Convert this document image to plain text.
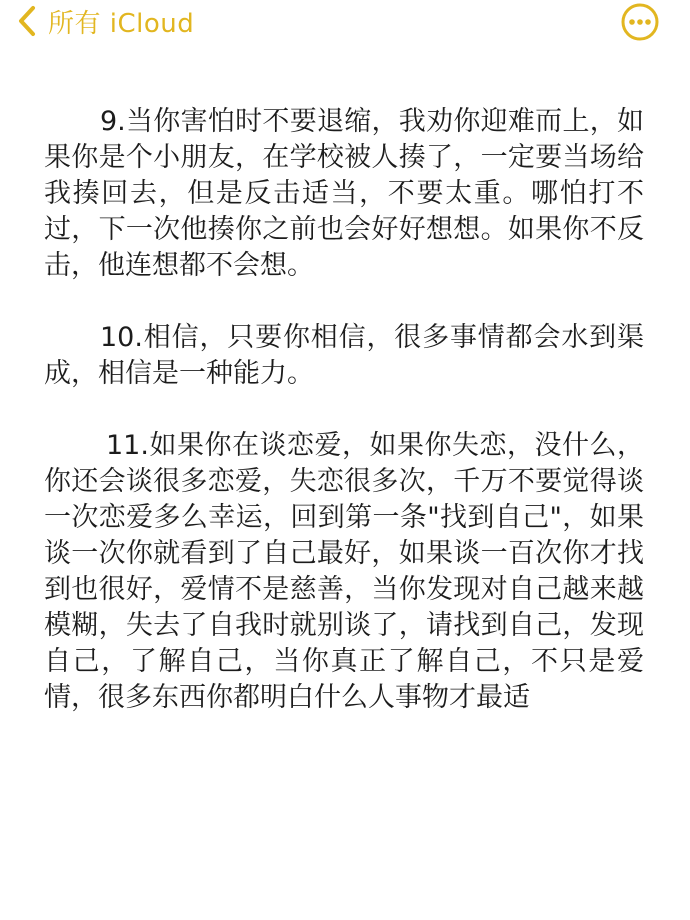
所有 iCloud

9.当你害怕时不要退缩，我劝你迎难而上，如果你是个小朋友，在学校被人揍了，一定要当场给我揍回去，但是反击适当，不要太重。哪怕打不过，下一次他揍你之前也会好好想想。如果你不反击，他连想都不会想。

10.相信，只要你相信，很多事情都会水到渠成，相信是一种能力。

11.如果你在谈恋爱，如果你失恋，没什么，你还会谈很多恋爱，失恋很多次，千万不要觉得谈一次恋爱多么幸运，回到第一条"找到自己"，如果谈一次你就看到了自己最好，如果谈一百次你才找到也很好，爱情不是慈善，当你发现对自己越来越模糊，失去了自我时就别谈了，请找到自己，发现自己，了解自己，当你真正了解自己，不只是爱情，很多东西你都明白什么人事物才最适
